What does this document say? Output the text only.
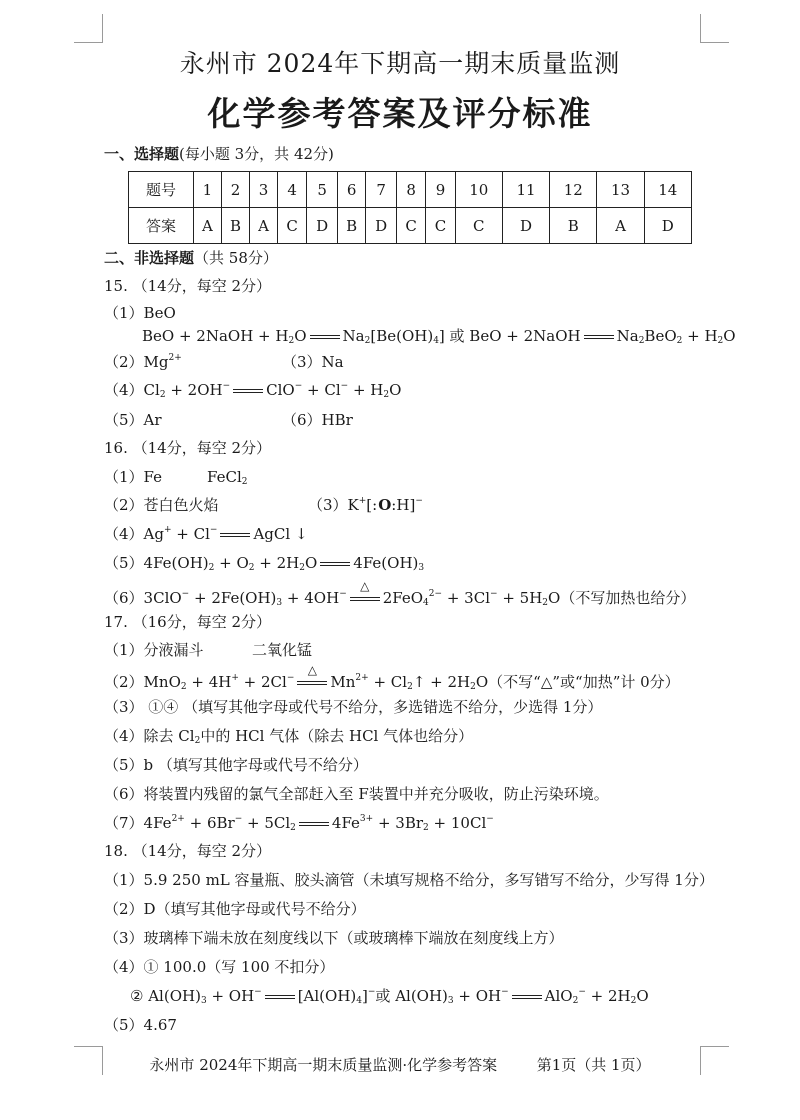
永州市 2024年下期高一期末质量监测
化学参考答案及评分标准
一、选择题(每小题 3分，共 42分)
题号	1	2	3	4	5	6	7	8	9	10	11	12	13	14
答案	A	B	A	C	D	B	D	C	C	C	D	B	A	D
二、非选择题（共 58分）
15. （14分，每空 2分）
（1）BeO
BeO + 2NaOH + $H_2O$ $Na_2[Be(OH)_4]$ 或 BeO + 2NaOH $Na_2BeO_2 + H_2O$
$(2)Mg^{2+}$	（3）Na
$(4)Cl_2 + 2OH^-$ $ClO^- + Cl^- + H_2O$
（5）Ar	（6）HBr
16. （14分，每空 2分）
（1）Fe	FeCl$_2$
（2）苍白色火焰	（3）K+[:O:H]−
（4）Ag+ + Cl− AgCl ↓
$(5)4Fe(OH)_2 + O_2 + 2H_2O$ $4Fe(OH)_3$
$(6)3ClO^- + 2Fe(OH)_3 + 4OH^-$
△
$2FeO_4^{2-} + 3Cl^- + 5H_2O$（不写加热也给分）
17. （16分，每空 2分）
（1）分液漏斗	二氧化锰
（2）MnO$_2$ + 4H+ + 2Cl−
△
$Mn^{2+}$ + $Cl_2↑ + 2H_2O$（不写“△”或“加热”计 0分）
（3） ①④ （填写其他字母或代号不给分，多选错选不给分，少选得 1分）
（4）除去 $Cl_2$中的 HCl 气体（除去 HCl 气体也给分）
（5）b （填写其他字母或代号不给分）
（6）将装置内残留的氯气全部赶入至 F装置中并充分吸收，防止污染环境。
$(7)4Fe^{2+} + 6Br^- + 5Cl_2$ $4Fe^{3+} + 3Br_2 + 10Cl^-$
18. （14分，每空 2分）
（1）5.9 250 mL 容量瓶、胶头滴管（未填写规格不给分，多写错写不给分，少写得 1分）
（2）D（填写其他字母或代号不给分）
（3）玻璃棒下端未放在刻度线以下（或玻璃棒下端放在刻度线上方）
（4）① 100.0（写 100 不扣分）
② $Al(OH)_3 + OH^-$ $[Al(OH)_4]^-$或 $Al(OH)_3 + OH^-$ $AlO_2^- + 2H_2O$
（5）4.67
永州市 2024年下期高一期末质量监测·化学参考答案	第1页（共 1页）
